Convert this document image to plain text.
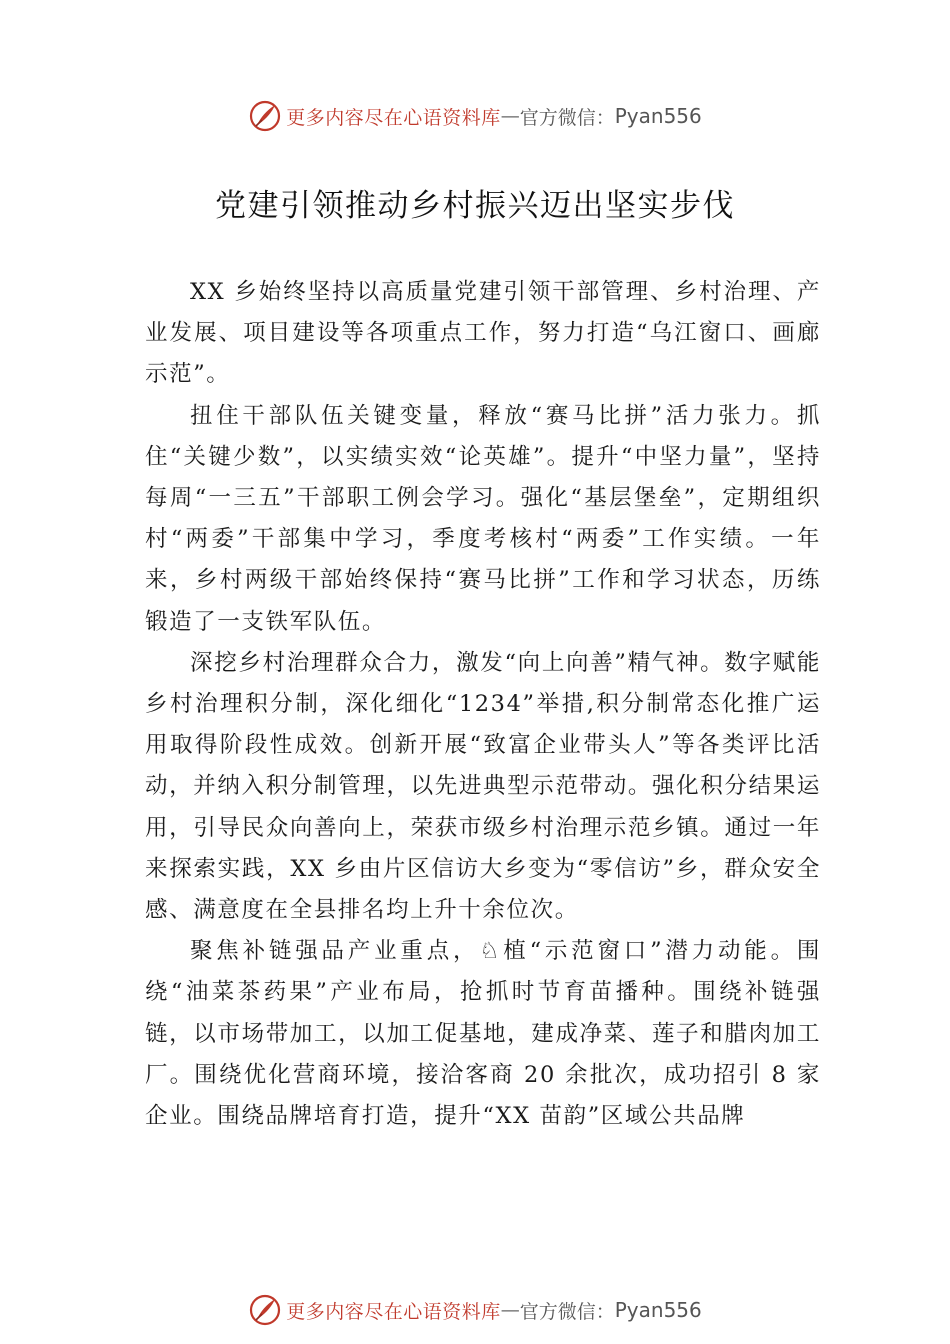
更多内容尽在心语资料库 — 官方微信： Pyan556
党建引领推动乡村振兴迈出坚实步伐

XX 乡始终坚持以高质量党建引领干部管理、乡村治理、产业发展、项目建设等各项重点工作，努力打造“乌江窗口、画廊示范”。

扭住干部队伍关键变量，释放“赛马比拼”活力张力。抓住“关键少数”，以实绩实效“论英雄”。提升“中坚力量”，坚持每周“一三五”干部职工例会学习。强化“基层堡垒”，定期组织村“两委”干部集中学习，季度考核村“两委”工作实绩。一年来，乡村两级干部始终保持“赛马比拼”工作和学习状态，历练锻造了一支铁军队伍。

深挖乡村治理群众合力，激发“向上向善”精气神。数字赋能乡村治理积分制，深化细化“1234”举措,积分制常态化推广运用取得阶段性成效。创新开展“致富企业带头人”等各类评比活动，并纳入积分制管理，以先进典型示范带动。强化积分结果运用，引导民众向善向上，荣获市级乡村治理示范乡镇。通过一年来探索实践，XX 乡由片区信访大乡变为“零信访”乡，群众安全感、满意度在全县排名均上升十余位次。

聚焦补链强品产业重点，♘植“示范窗口”潜力动能。围绕“油菜茶药果”产业布局，抢抓时节育苗播种。围绕补链强链，以市场带加工，以加工促基地，建成净菜、莲子和腊肉加工厂。围绕优化营商环境，接洽客商 20 余批次，成功招引 8 家企业。围绕品牌培育打造，提升“XX 苗韵”区域公共品牌

更多内容尽在心语资料库 — 官方微信： Pyan556
